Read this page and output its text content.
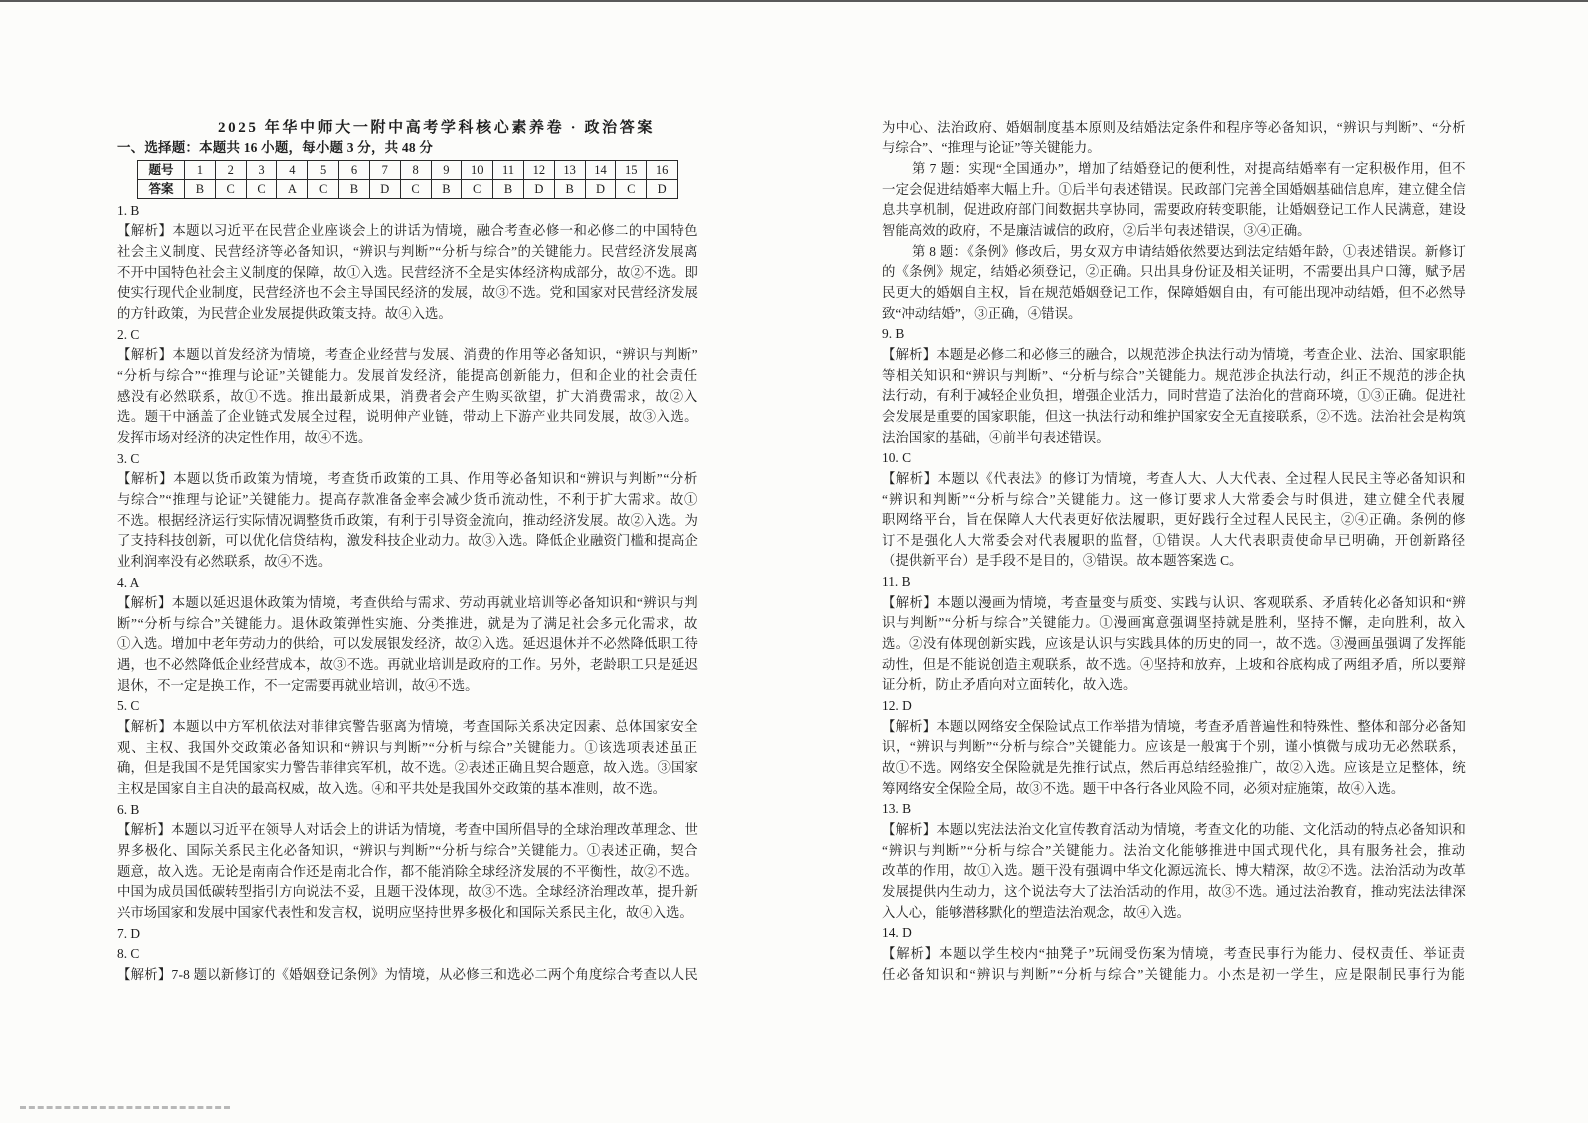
2025 年华中师大一附中高考学科核心素养卷 · 政治答案
一、选择题：本题共 16 小题，每小题 3 分，共 48 分
题号	1	2	3	4	5	6	7	8	9	10	11	12	13	14	15	16
答案	B	C	C	A	C	B	D	C	B	C	B	D	B	D	C	D
1. B
【解析】本题以习近平在民营企业座谈会上的讲话为情境，融合考查必修一和必修二的中国特色
社会主义制度、民营经济等必备知识，“辨识与判断”“分析与综合”的关键能力。民营经济发展离
不开中国特色社会主义制度的保障，故①入选。民营经济不全是实体经济构成部分，故②不选。即
使实行现代企业制度，民营经济也不会主导国民经济的发展，故③不选。党和国家对民营经济发展
的方针政策，为民营企业发展提供政策支持。故④入选。
2. C
【解析】本题以首发经济为情境，考查企业经营与发展、消费的作用等必备知识，“辨识与判断”
“分析与综合”“推理与论证”关键能力。发展首发经济，能提高创新能力，但和企业的社会责任
感没有必然联系，故①不选。推出最新成果，消费者会产生购买欲望，扩大消费需求，故②入
选。题干中涵盖了企业链式发展全过程，说明伸产业链，带动上下游产业共同发展，故③入选。
发挥市场对经济的决定性作用，故④不选。
3. C
【解析】本题以货币政策为情境，考查货币政策的工具、作用等必备知识和“辨识与判断”“分析
与综合”“推理与论证”关键能力。提高存款准备金率会减少货币流动性，不利于扩大需求。故①
不选。根据经济运行实际情况调整货币政策，有利于引导资金流向，推动经济发展。故②入选。为
了支持科技创新，可以优化信贷结构，激发科技企业动力。故③入选。降低企业融资门槛和提高企
业利润率没有必然联系，故④不选。
4. A
【解析】本题以延迟退休政策为情境，考查供给与需求、劳动再就业培训等必备知识和“辨识与判
断”“分析与综合”关键能力。退休政策弹性实施、分类推进，就是为了满足社会多元化需求，故
①入选。增加中老年劳动力的供给，可以发展银发经济，故②入选。延迟退休并不必然降低职工待
遇，也不必然降低企业经营成本，故③不选。再就业培训是政府的工作。另外，老龄职工只是延迟
退休，不一定是换工作，不一定需要再就业培训，故④不选。
5. C
【解析】本题以中方军机依法对菲律宾警告驱离为情境，考查国际关系决定因素、总体国家安全
观、主权、我国外交政策必备知识和“辨识与判断”“分析与综合”关键能力。①该选项表述虽正
确，但是我国不是凭国家实力警告菲律宾军机，故不选。②表述正确且契合题意，故入选。③国家
主权是国家自主自决的最高权威，故入选。④和平共处是我国外交政策的基本准则，故不选。
6. B
【解析】本题以习近平在领导人对话会上的讲话为情境，考查中国所倡导的全球治理改革理念、世
界多极化、国际关系民主化必备知识，“辨识与判断”“分析与综合”关键能力。①表述正确，契合
题意，故入选。无论是南南合作还是南北合作，都不能消除全球经济发展的不平衡性，故②不选。
中国为成员国低碳转型指引方向说法不妥，且题干没体现，故③不选。全球经济治理改革，提升新
兴市场国家和发展中国家代表性和发言权，说明应坚持世界多极化和国际关系民主化，故④入选。
7. D
8. C
【解析】7-8 题以新修订的《婚姻登记条例》为情境，从必修三和选必二两个角度综合考查以人民
为中心、法治政府、婚姻制度基本原则及结婚法定条件和程序等必备知识，“辨识与判断”、“分析
与综合”、“推理与论证”等关键能力。
第 7 题：实现“全国通办”，增加了结婚登记的便利性，对提高结婚率有一定积极作用，但不
一定会促进结婚率大幅上升。①后半句表述错误。民政部门完善全国婚姻基础信息库，建立健全信
息共享机制，促进政府部门间数据共享协同，需要政府转变职能，让婚姻登记工作人民满意，建设
智能高效的政府，不是廉洁诚信的政府，②后半句表述错误，③④正确。
第 8 题：《条例》修改后，男女双方申请结婚依然要达到法定结婚年龄，①表述错误。新修订
的《条例》规定，结婚必须登记，②正确。只出具身份证及相关证明，不需要出具户口簿，赋予居
民更大的婚姻自主权，旨在规范婚姻登记工作，保障婚姻自由，有可能出现冲动结婚，但不必然导
致“冲动结婚”，③正确，④错误。
9. B
【解析】本题是必修二和必修三的融合，以规范涉企执法行动为情境，考查企业、法治、国家职能
等相关知识和“辨识与判断”、“分析与综合”关键能力。规范涉企执法行动，纠正不规范的涉企执
法行动，有利于减轻企业负担，增强企业活力，同时营造了法治化的营商环境，①③正确。促进社
会发展是重要的国家职能，但这一执法行动和维护国家安全无直接联系，②不选。法治社会是构筑
法治国家的基础，④前半句表述错误。
10. C
【解析】本题以《代表法》的修订为情境，考查人大、人大代表、全过程人民民主等必备知识和
“辨识和判断”“分析与综合”关键能力。这一修订要求人大常委会与时俱进，建立健全代表履
职网络平台，旨在保障人大代表更好依法履职，更好践行全过程人民民主，②④正确。条例的修
订不是强化人大常委会对代表履职的监督，①错误。人大代表职责使命早已明确，开创新路径
（提供新平台）是手段不是目的，③错误。故本题答案选 C。
11. B
【解析】本题以漫画为情境，考查量变与质变、实践与认识、客观联系、矛盾转化必备知识和“辨
识与判断”“分析与综合”关键能力。①漫画寓意强调坚持就是胜利，坚持不懈，走向胜利，故入
选。②没有体现创新实践，应该是认识与实践具体的历史的同一，故不选。③漫画虽强调了发挥能
动性，但是不能说创造主观联系，故不选。④坚持和放弃，上坡和谷底构成了两组矛盾，所以要辩
证分析，防止矛盾向对立面转化，故入选。
12. D
【解析】本题以网络安全保险试点工作举措为情境，考查矛盾普遍性和特殊性、整体和部分必备知
识，“辨识与判断”“分析与综合”关键能力。应该是一般寓于个别，谨小慎微与成功无必然联系，
故①不选。网络安全保险就是先推行试点，然后再总结经验推广，故②入选。应该是立足整体，统
筹网络安全保险全局，故③不选。题干中各行各业风险不同，必须对症施策，故④入选。
13. B
【解析】本题以宪法法治文化宣传教育活动为情境，考查文化的功能、文化活动的特点必备知识和
“辨识与判断”“分析与综合”关键能力。法治文化能够推进中国式现代化，具有服务社会，推动
改革的作用，故①入选。题干没有强调中华文化源远流长、博大精深，故②不选。法治活动为改革
发展提供内生动力，这个说法夸大了法治活动的作用，故③不选。通过法治教育，推动宪法法律深
入人心，能够潜移默化的塑造法治观念，故④入选。
14. D
【解析】本题以学生校内“抽凳子”玩闹受伤案为情境，考查民事行为能力、侵权责任、举证责
任必备知识和“辨识与判断”“分析与综合”关键能力。小杰是初一学生，应是限制民事行为能
